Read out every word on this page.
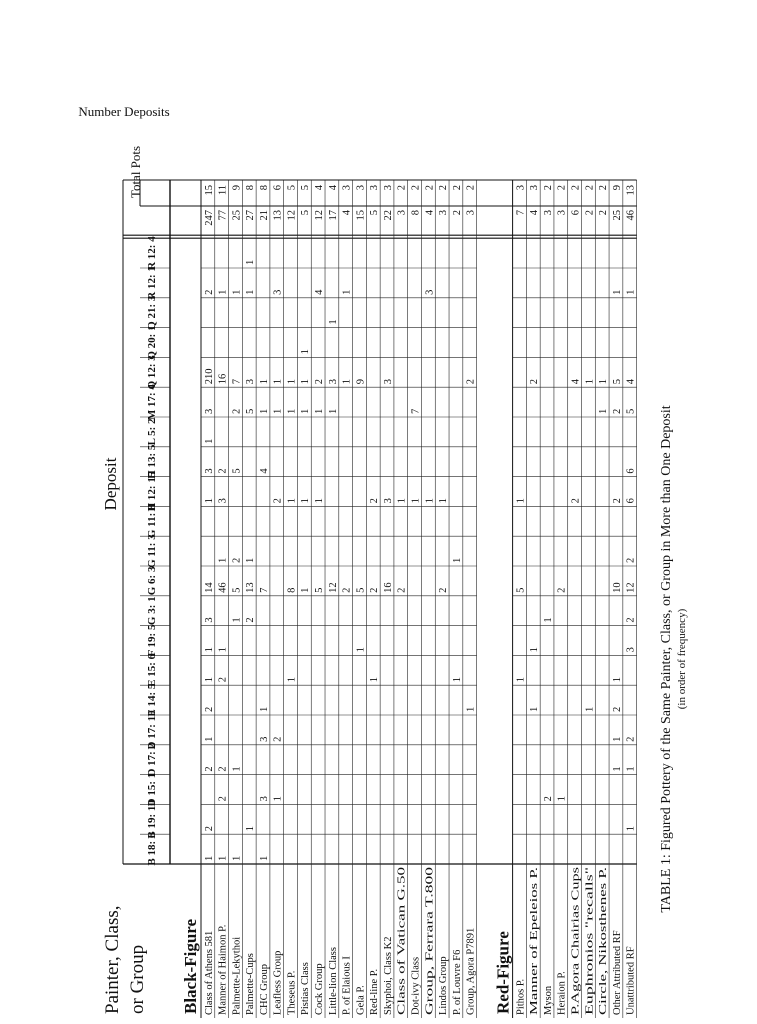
Painter, Class, or Group
Deposit
Total Pots
Number Deposits
B 18: 6
B 19: 10
D 15: 1
D 17: 2
D 17: 10
E 14: 5
E 15: 6
F 19: 5
G 3: 1
G 6: 3
G 11: 3
G 11: 8
H 12: 15
H 13: 5
L 5: 2
M 17: 4
Q 12: 3
Q 20: 1
Q 21: 3
R 12: 1
R 12: 4
Black-Figure Class of Athens 581
1
2
2
1
2
1
1
3
14
1
3
1
3
210
2
247
15
Manner of Haimon P.
1
2
2
2
1
46
1
3
2
16
1
77
11
Palmette-Lekythoi
1
1
1
5
2
5
2
7
1
25
9
Palmette-Cups
1
2
13
1
5
3
1
1
27
8
CHC Group
1
3
3
1
7
4
1
1
21
8
Leafless Group
1
2
2
1
1
3
13
6
Theseus P.
1
8
1
1
1
12
5
Pistias Class
1
1
1
1
1
5
5
Cock Group
5
1
1
2
4
12
4
Little-lion Class
12
1
3
1
17
4
P. of Elaious I
2
1
1
4
3
Gela P.
1
5
9
15
3
Red-line P.
1
2
2
5
3
Skyphoi, Class K2
16
3
3
22
3
Class of Vatican G.50
2
1
3
2
Dot-ivy Class
1
7
8
2
Group, Ferrara T.800
1
3
4
2
Lindos Group
2
1
3
2
P. of Louvre F6
1
1
2
2
Group, Agora P7891
1
2
3
2
Red-Figure Pithos P.
1
5
1
7
3
Manner of Epeleios P.
1
1
2
4
3
Myson
2
1
3
2
Heraion P.
1
2
3
2
P.Agora Chairias Cups
2
4
6
2
Euphronios "recalls"
1
1
2
2
Circle, Nikosthenes P.
1
1
2
2
Other Attributed RF
1
1
2
1
10
2
2
5
1
25
9
Unattributed RF
1
1
2
3
2
12
2
6
6
5
4
1
46
13
TABLE 1: Figured Pottery of the Same Painter, Class, or Group in More than One Deposit (in order of frequency)
